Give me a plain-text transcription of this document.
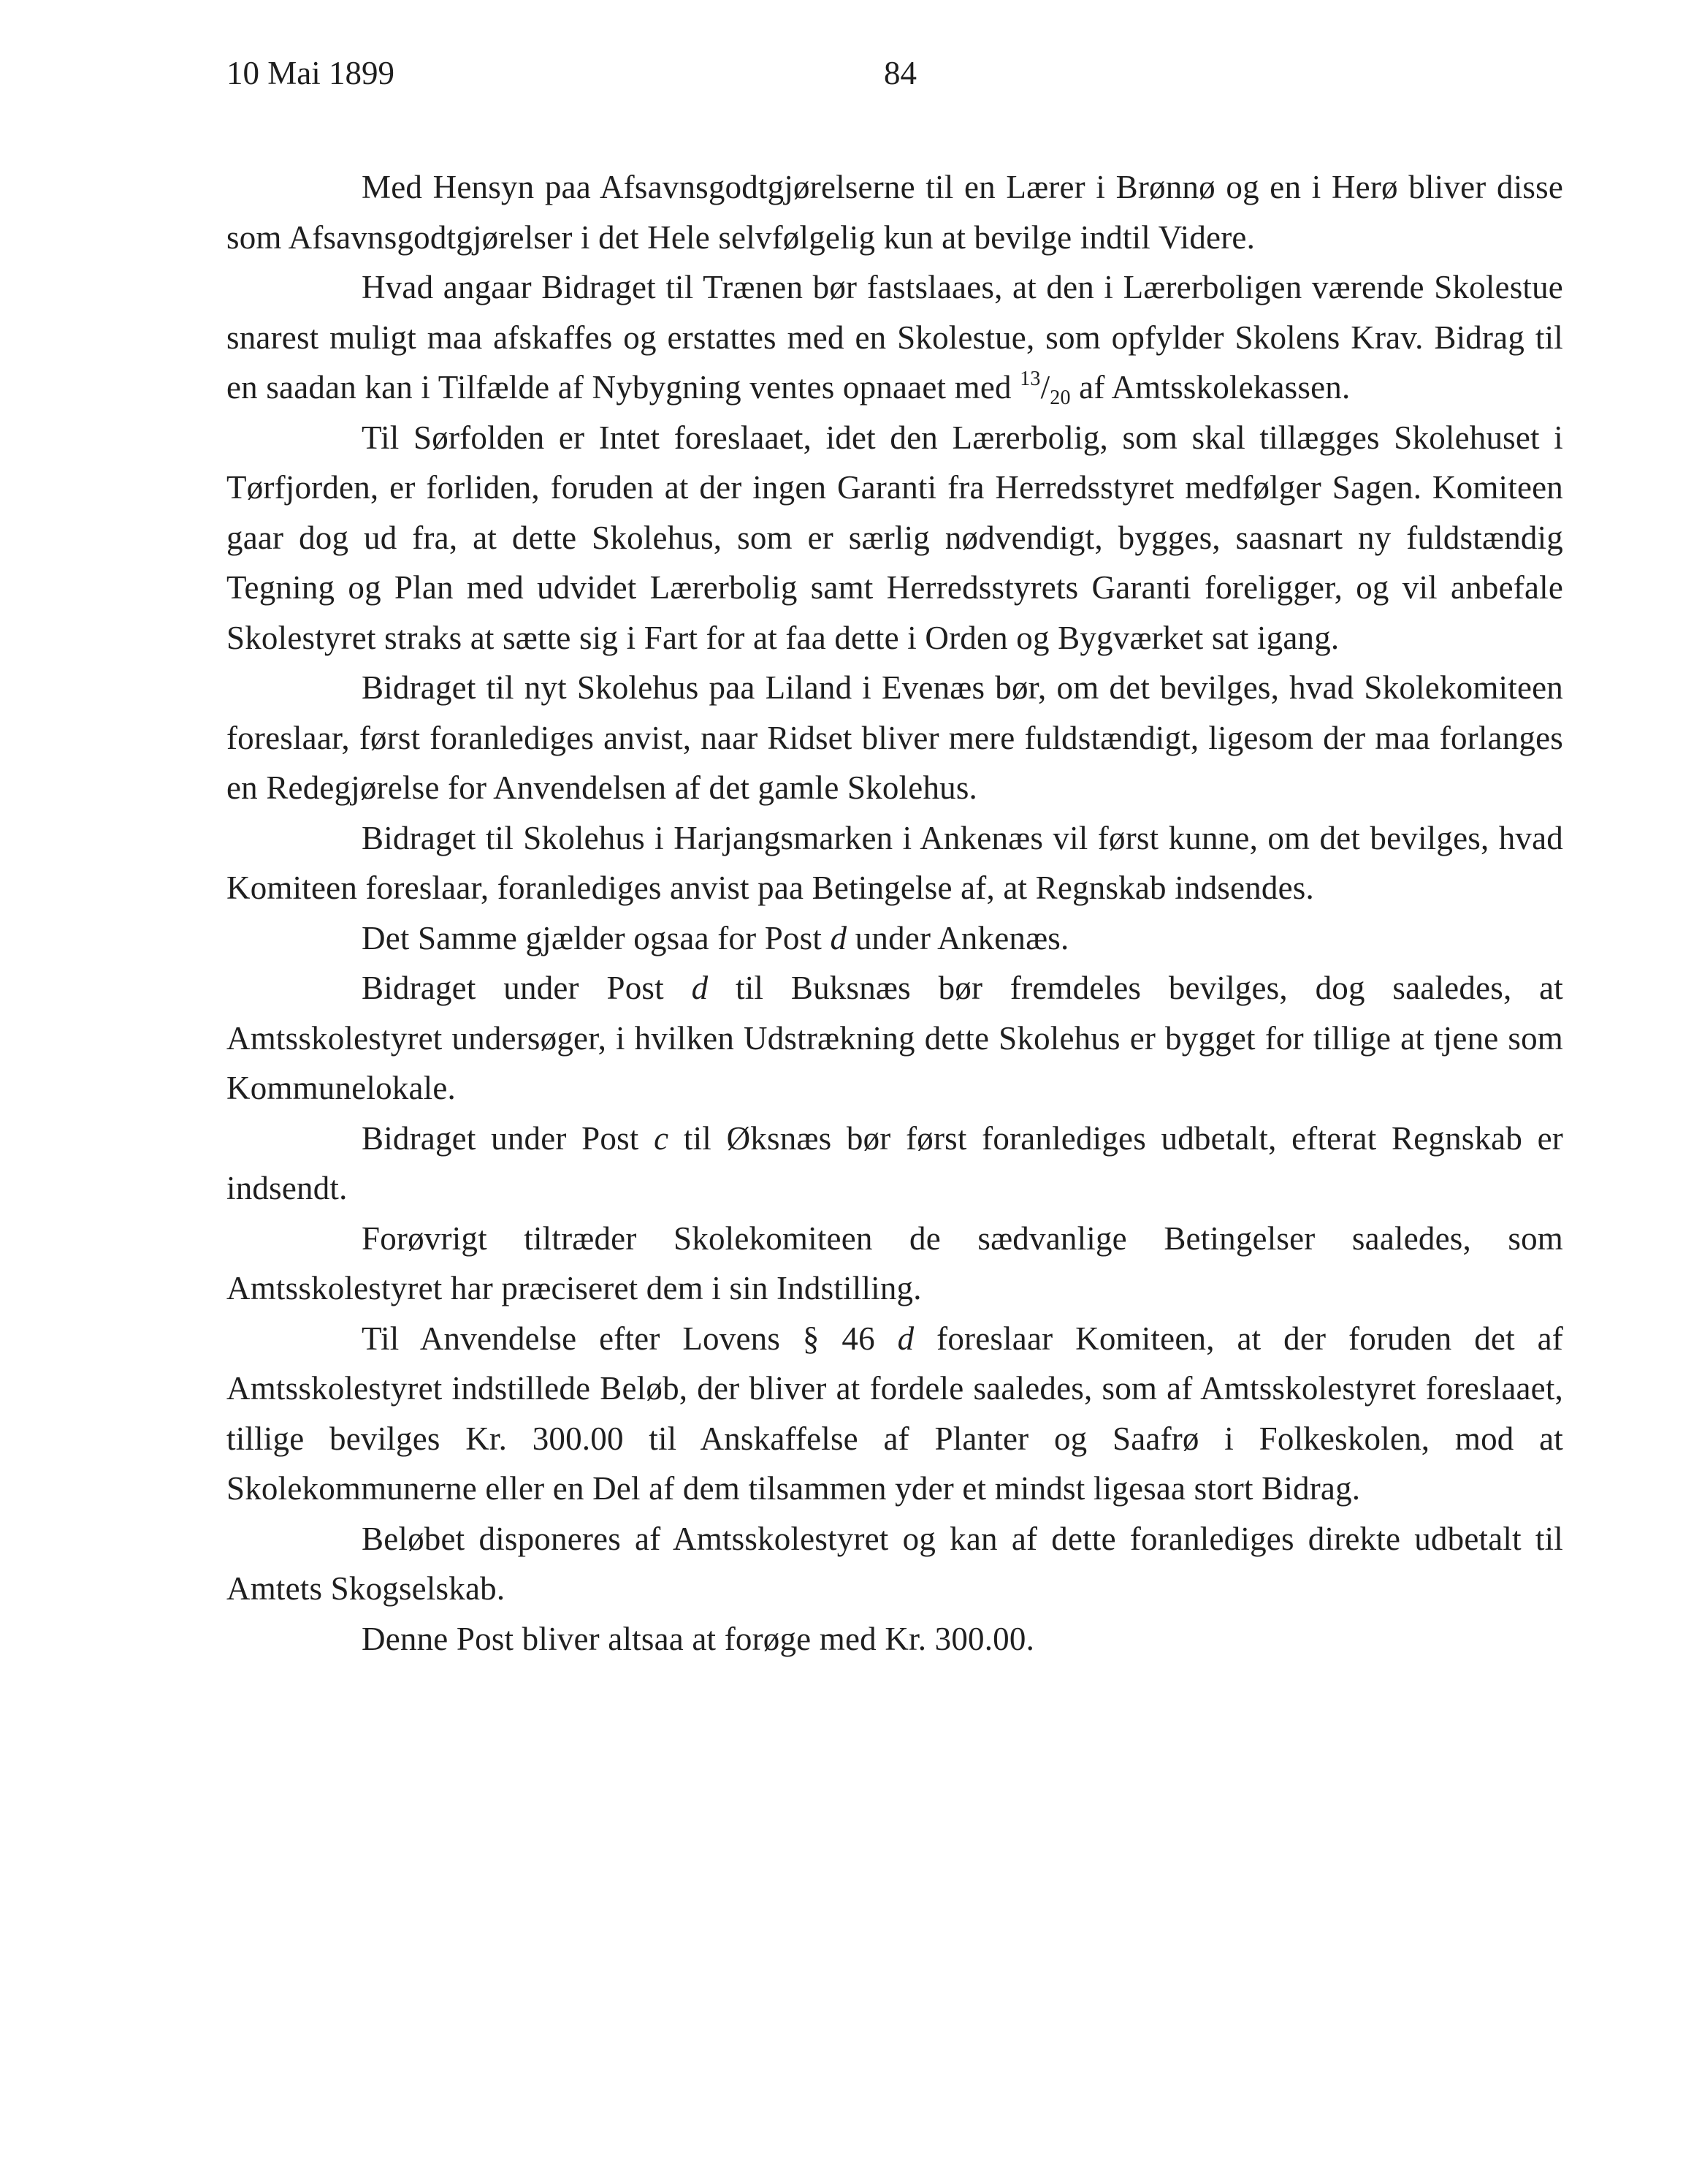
10 Mai 1899	84

Med Hensyn paa Afsavnsgodtgjørelserne til en Lærer i Brønnø og en i Herø bliver disse som Afsavnsgodtgjørelser i det Hele selvfølgelig kun at bevilge indtil Videre.

Hvad angaar Bidraget til Trænen bør fastslaaes, at den i Lærerboligen værende Skolestue snarest muligt maa afskaffes og erstattes med en Skolestue, som opfylder Skolens Krav. Bidrag til en saadan kan i Tilfælde af Nybygning ventes opnaaet med $^{13}/_{20}$ af Amtsskolekassen.

Til Sørfolden er Intet foreslaaet, idet den Lærerbolig, som skal tillægges Skolehuset i Tørfjorden, er forliden, foruden at der ingen Garanti fra Herredsstyret medfølger Sagen. Komiteen gaar dog ud fra, at dette Skolehus, som er særlig nødvendigt, bygges, saasnart ny fuldstændig Tegning og Plan med udvidet Lærerbolig samt Herredsstyrets Garanti foreligger, og vil anbefale Skolestyret straks at sætte sig i Fart for at faa dette i Orden og Bygværket sat igang.

Bidraget til nyt Skolehus paa Liland i Evenæs bør, om det bevilges, hvad Skolekomiteen foreslaar, først foranlediges anvist, naar Ridset bliver mere fuldstændigt, ligesom der maa forlanges en Redegjørelse for Anvendelsen af det gamle Skolehus.

Bidraget til Skolehus i Harjangsmarken i Ankenæs vil først kunne, om det bevilges, hvad Komiteen foreslaar, foranlediges anvist paa Betingelse af, at Regnskab indsendes.

Det Samme gjælder ogsaa for Post d under Ankenæs.

Bidraget under Post d til Buksnæs bør fremdeles bevilges, dog saaledes, at Amtsskolestyret undersøger, i hvilken Udstrækning dette Skolehus er bygget for tillige at tjene som Kommunelokale.

Bidraget under Post c til Øksnæs bør først foranlediges udbetalt, efterat Regnskab er indsendt.

Forøvrigt tiltræder Skolekomiteen de sædvanlige Betingelser saaledes, som Amtsskolestyret har præciseret dem i sin Indstilling.

Til Anvendelse efter Lovens § 46 d foreslaar Komiteen, at der foruden det af Amtsskolestyret indstillede Beløb, der bliver at fordele saaledes, som af Amtsskolestyret foreslaaet, tillige bevilges Kr. 300.00 til Anskaffelse af Planter og Saafrø i Folkeskolen, mod at Skolekommunerne eller en Del af dem tilsammen yder et mindst ligesaa stort Bidrag.

Beløbet disponeres af Amtsskolestyret og kan af dette foranlediges direkte udbetalt til Amtets Skogselskab.

Denne Post bliver altsaa at forøge med Kr. 300.00.
